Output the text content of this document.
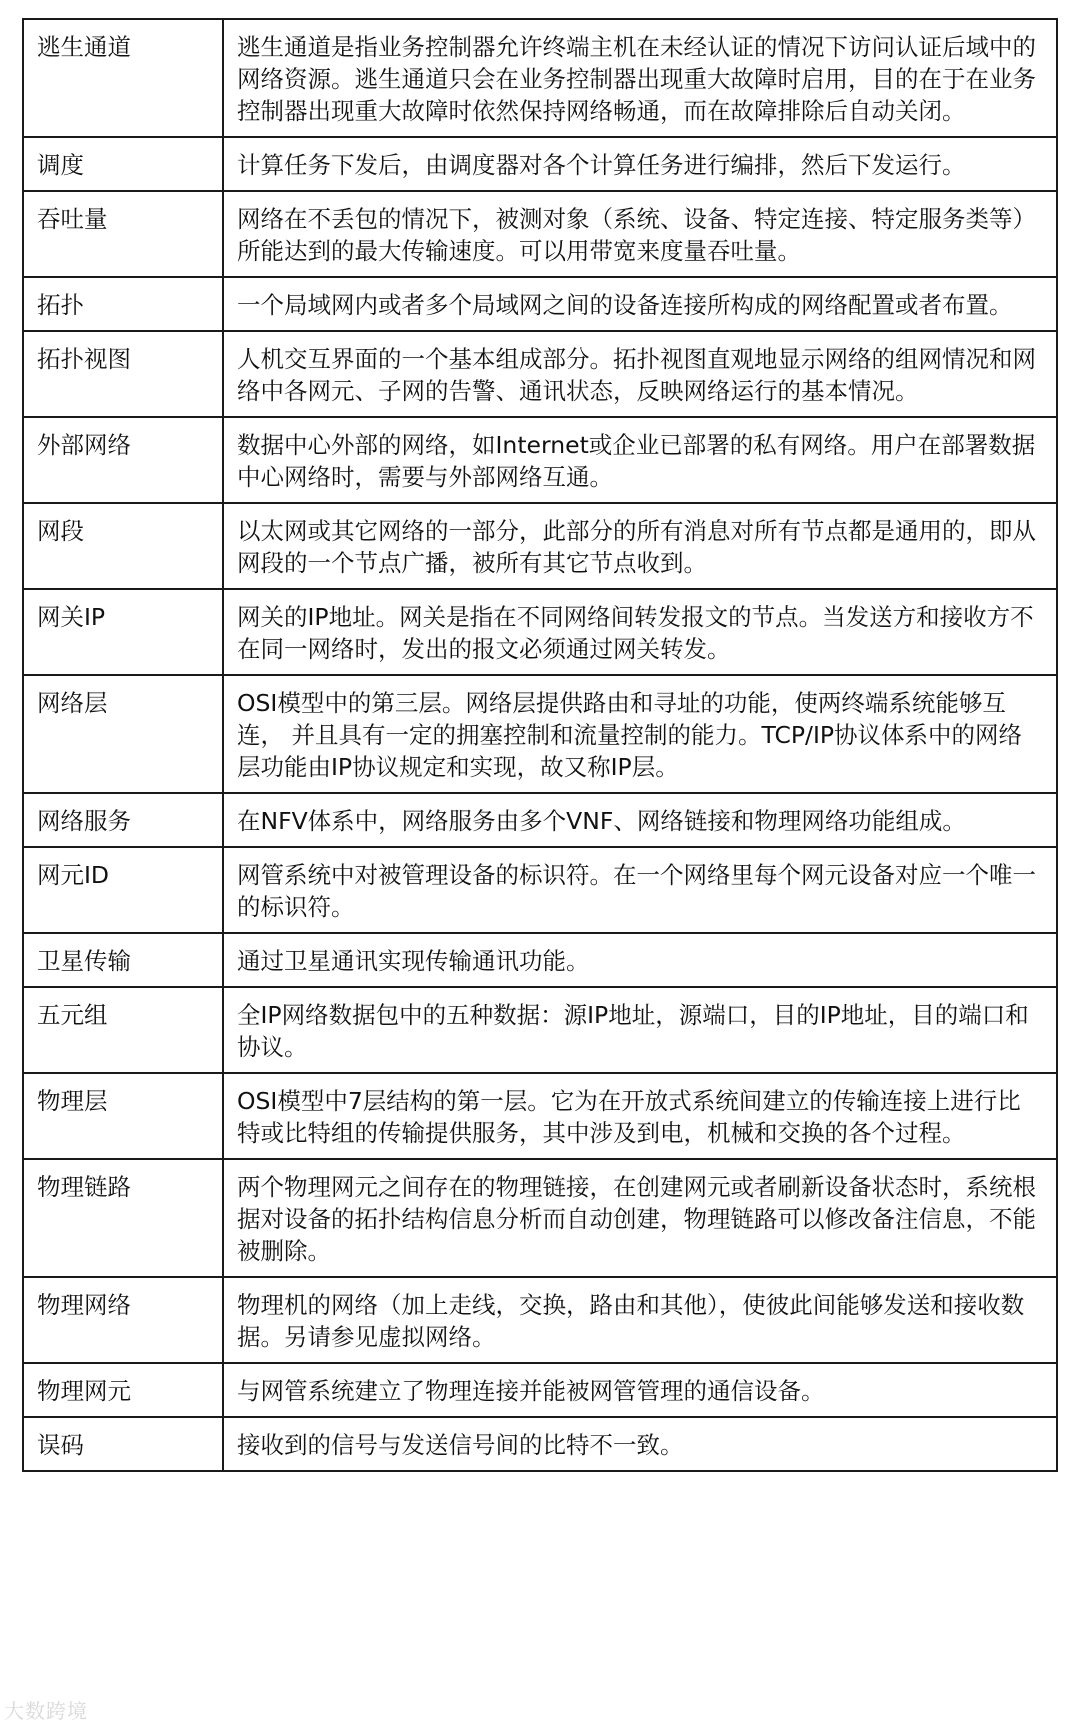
逃生通道	逃生通道是指业务控制器允许终端主机在未经认证的情况下访问认证后域中的网络资源。逃生通道只会在业务控制器出现重大故障时启用，目的在于在业务控制器出现重大故障时依然保持网络畅通，而在故障排除后自动关闭。
调度	计算任务下发后，由调度器对各个计算任务进行编排，然后下发运行。
吞吐量	网络在不丢包的情况下，被测对象（系统、设备、特定连接、特定服务类等）所能达到的最大传输速度。可以用带宽来度量吞吐量。
拓扑	一个局域网内或者多个局域网之间的设备连接所构成的网络配置或者布置。
拓扑视图	人机交互界面的一个基本组成部分。拓扑视图直观地显示网络的组网情况和网络中各网元、子网的告警、通讯状态，反映网络运行的基本情况。
外部网络	数据中心外部的网络，如Internet或企业已部署的私有网络。用户在部署数据中心网络时，需要与外部网络互通。
网段	以太网或其它网络的一部分，此部分的所有消息对所有节点都是通用的，即从网段的一个节点广播，被所有其它节点收到。
网关IP	网关的IP地址。网关是指在不同网络间转发报文的节点。当发送方和接收方不在同一网络时，发出的报文必须通过网关转发。
网络层	OSI模型中的第三层。网络层提供路由和寻址的功能，使两终端系统能够互连， 并且具有一定的拥塞控制和流量控制的能力。TCP/IP协议体系中的网络层功能由IP协议规定和实现，故又称IP层。
网络服务	在NFV体系中，网络服务由多个VNF、网络链接和物理网络功能组成。
网元ID	网管系统中对被管理设备的标识符。在一个网络里每个网元设备对应一个唯一的标识符。
卫星传输	通过卫星通讯实现传输通讯功能。
五元组	全IP网络数据包中的五种数据：源IP地址，源端口，目的IP地址，目的端口和协议。
物理层	OSI模型中7层结构的第一层。它为在开放式系统间建立的传输连接上进行比特或比特组的传输提供服务，其中涉及到电，机械和交换的各个过程。
物理链路	两个物理网元之间存在的物理链接，在创建网元或者刷新设备状态时，系统根据对设备的拓扑结构信息分析而自动创建，物理链路可以修改备注信息，不能被删除。
物理网络	物理机的网络（加上走线，交换，路由和其他），使彼此间能够发送和接收数据。另请参见虚拟网络。
物理网元	与网管系统建立了物理连接并能被网管管理的通信设备。
误码	接收到的信号与发送信号间的比特不一致。
大数跨境
